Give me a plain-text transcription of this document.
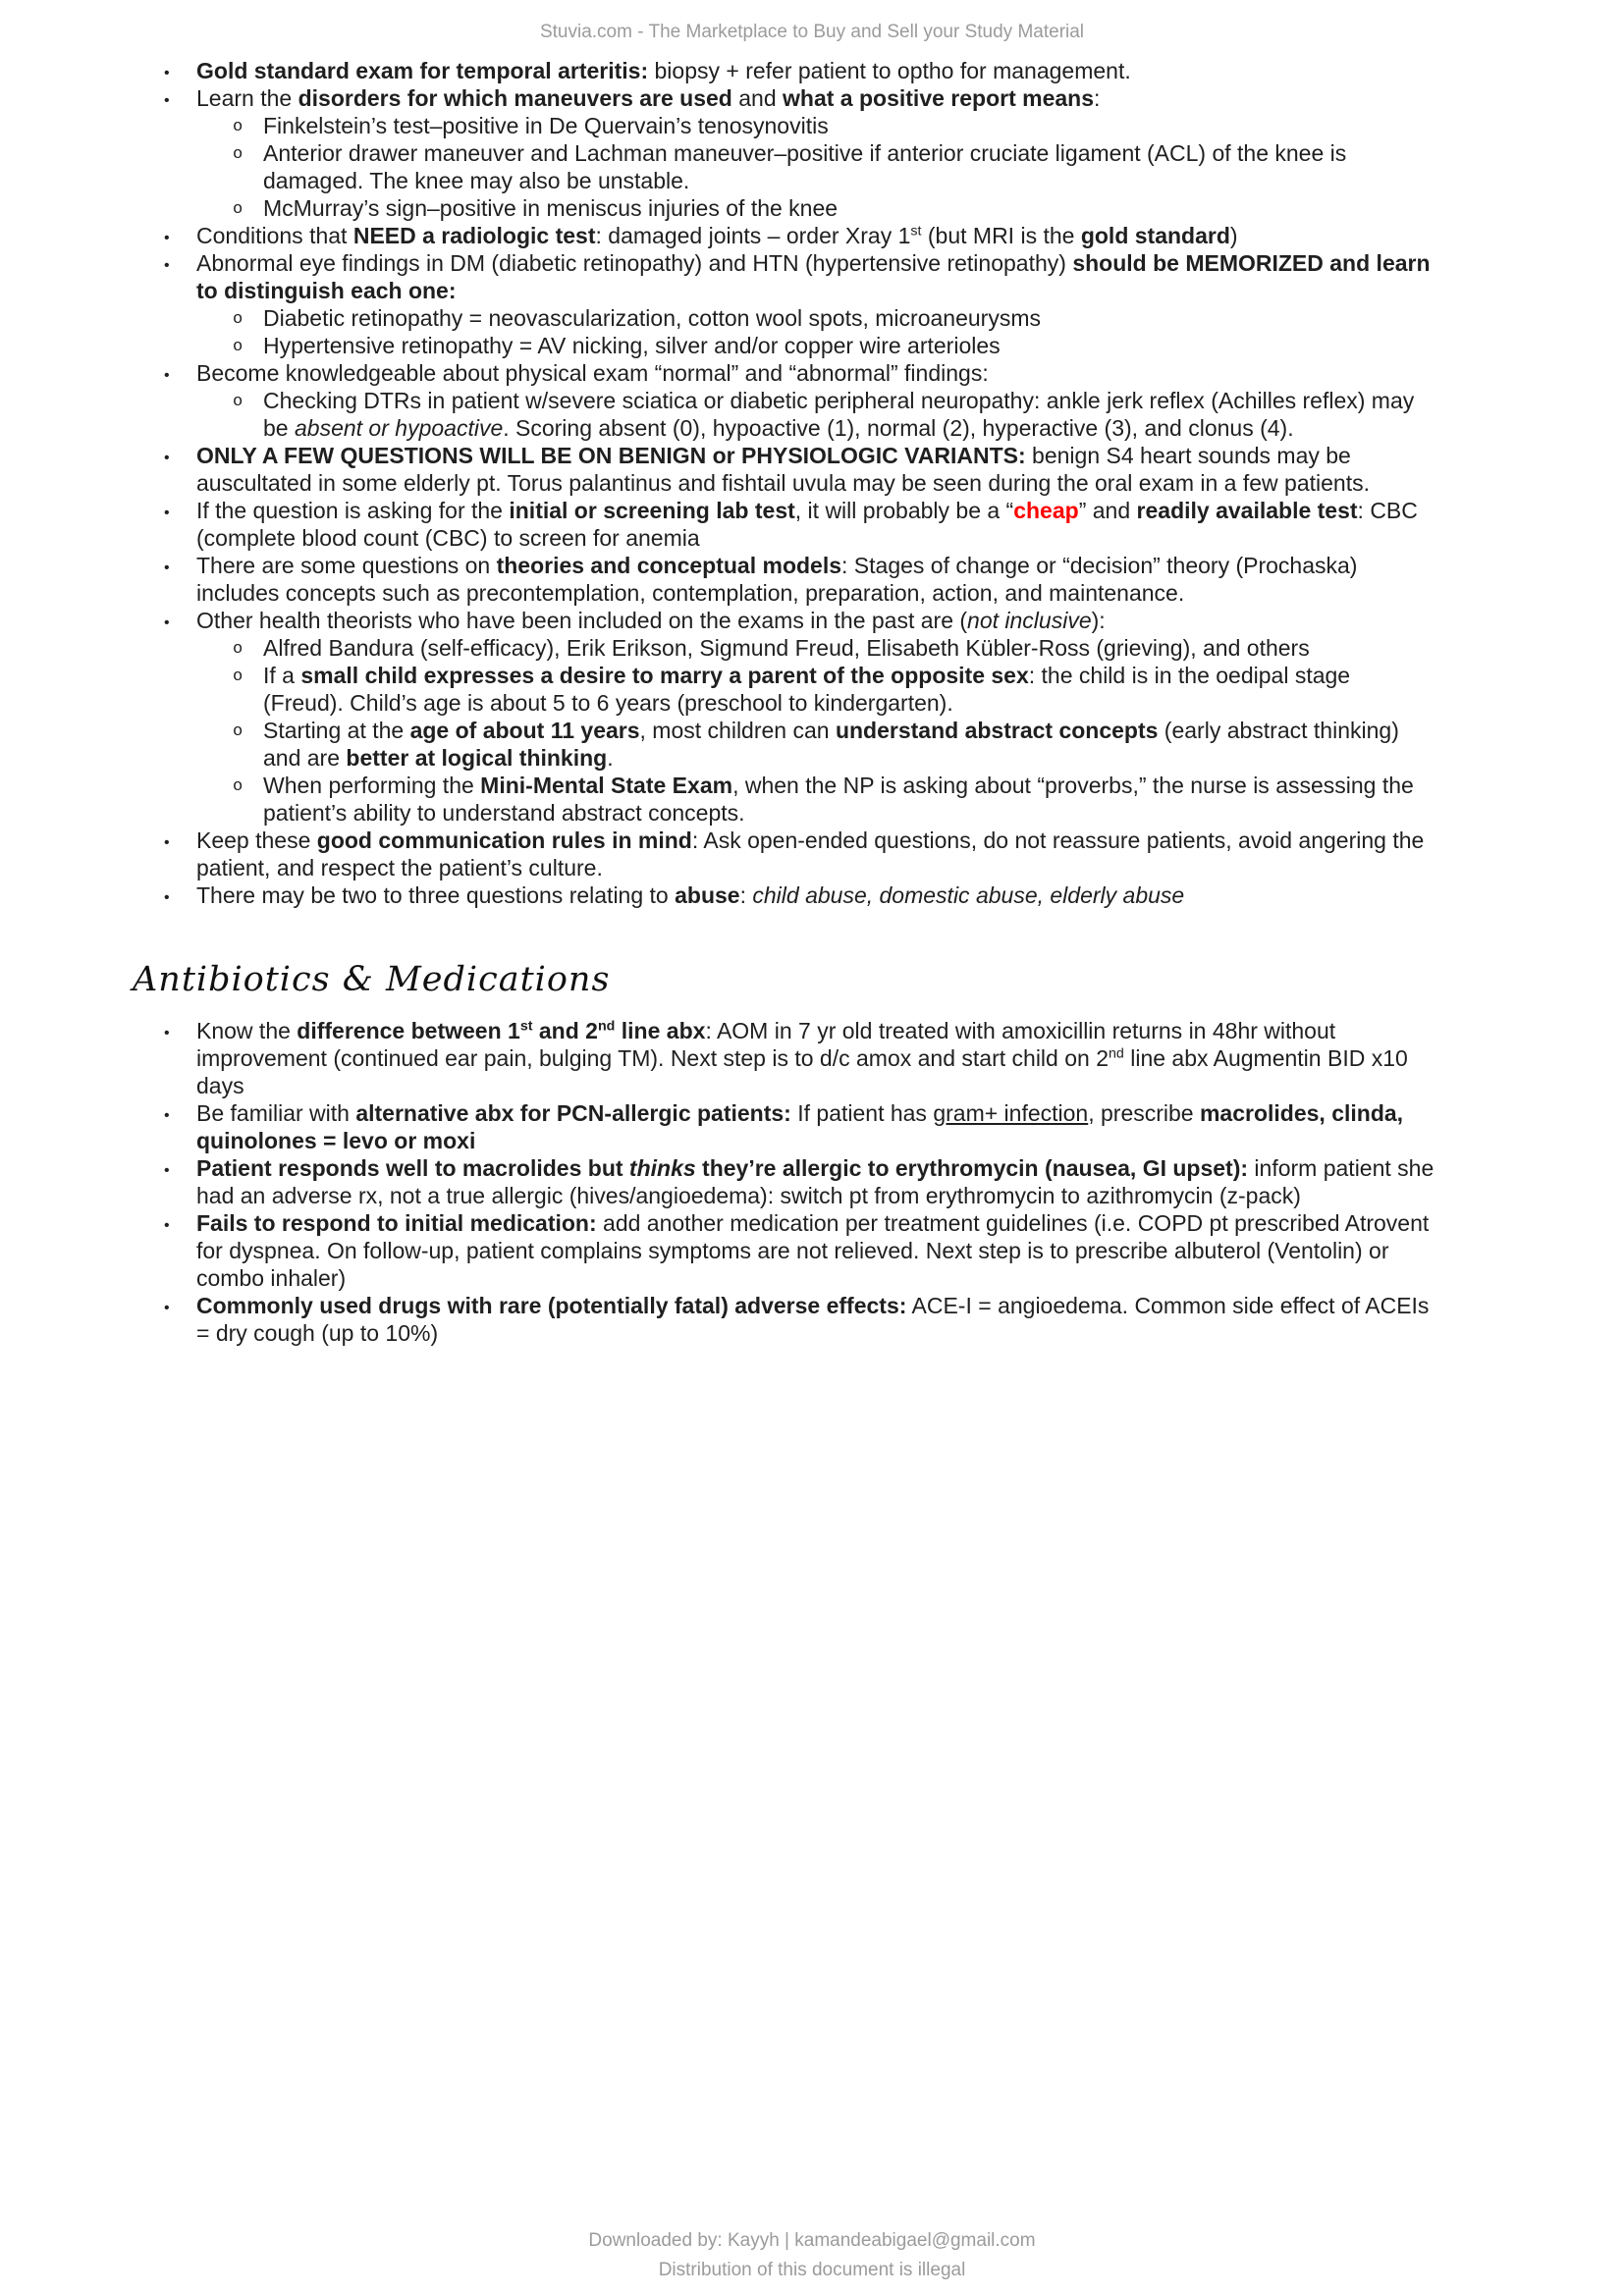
Stuvia.com - The Marketplace to Buy and Sell your Study Material
• Gold standard exam for temporal arteritis: biopsy + refer patient to optho for management.
• Learn the disorders for which maneuvers are used and what a positive report means:
o Finkelstein’s test–positive in De Quervain’s tenosynovitis
o Anterior drawer maneuver and Lachman maneuver–positive if anterior cruciate ligament (ACL) of the knee is damaged. The knee may also be unstable.
o McMurray’s sign–positive in meniscus injuries of the knee
• Conditions that NEED a radiologic test: damaged joints – order Xray 1st (but MRI is the gold standard)
• Abnormal eye findings in DM (diabetic retinopathy) and HTN (hypertensive retinopathy) should be MEMORIZED and learn to distinguish each one:
o Diabetic retinopathy = neovascularization, cotton wool spots, microaneurysms
o Hypertensive retinopathy = AV nicking, silver and/or copper wire arterioles
• Become knowledgeable about physical exam “normal” and “abnormal” findings:
o Checking DTRs in patient w/severe sciatica or diabetic peripheral neuropathy: ankle jerk reflex (Achilles reflex) may be absent or hypoactive. Scoring absent (0), hypoactive (1), normal (2), hyperactive (3), and clonus (4).
• ONLY A FEW QUESTIONS WILL BE ON BENIGN or PHYSIOLOGIC VARIANTS: benign S4 heart sounds may be auscultated in some elderly pt. Torus palantinus and fishtail uvula may be seen during the oral exam in a few patients.
• If the question is asking for the initial or screening lab test, it will probably be a “cheap” and readily available test: CBC (complete blood count (CBC) to screen for anemia
• There are some questions on theories and conceptual models: Stages of change or “decision” theory (Prochaska) includes concepts such as precontemplation, contemplation, preparation, action, and maintenance.
• Other health theorists who have been included on the exams in the past are (not inclusive):
o Alfred Bandura (self-efficacy), Erik Erikson, Sigmund Freud, Elisabeth Kübler-Ross (grieving), and others
o If a small child expresses a desire to marry a parent of the opposite sex: the child is in the oedipal stage (Freud). Child’s age is about 5 to 6 years (preschool to kindergarten).
o Starting at the age of about 11 years, most children can understand abstract concepts (early abstract thinking) and are better at logical thinking.
o When performing the Mini-Mental State Exam, when the NP is asking about “proverbs,” the nurse is assessing the patient’s ability to understand abstract concepts.
• Keep these good communication rules in mind: Ask open-ended questions, do not reassure patients, avoid angering the patient, and respect the patient’s culture.
• There may be two to three questions relating to abuse: child abuse, domestic abuse, elderly abuse
Antibiotics & Medications
• Know the difference between 1st and 2nd line abx: AOM in 7 yr old treated with amoxicillin returns in 48hr without improvement (continued ear pain, bulging TM). Next step is to d/c amox and start child on 2nd line abx Augmentin BID x10 days
• Be familiar with alternative abx for PCN-allergic patients: If patient has gram+ infection, prescribe macrolides, clinda, quinolones = levo or moxi
• Patient responds well to macrolides but thinks they’re allergic to erythromycin (nausea, GI upset): inform patient she had an adverse rx, not a true allergic (hives/angioedema): switch pt from erythromycin to azithromycin (z-pack)
• Fails to respond to initial medication: add another medication per treatment guidelines (i.e. COPD pt prescribed Atrovent for dyspnea. On follow-up, patient complains symptoms are not relieved. Next step is to prescribe albuterol (Ventolin) or combo inhaler)
• Commonly used drugs with rare (potentially fatal) adverse effects: ACE-I = angioedema. Common side effect of ACEIs = dry cough (up to 10%)
Downloaded by: Kayyh | kamandeabigael@gmail.com
Distribution of this document is illegal
